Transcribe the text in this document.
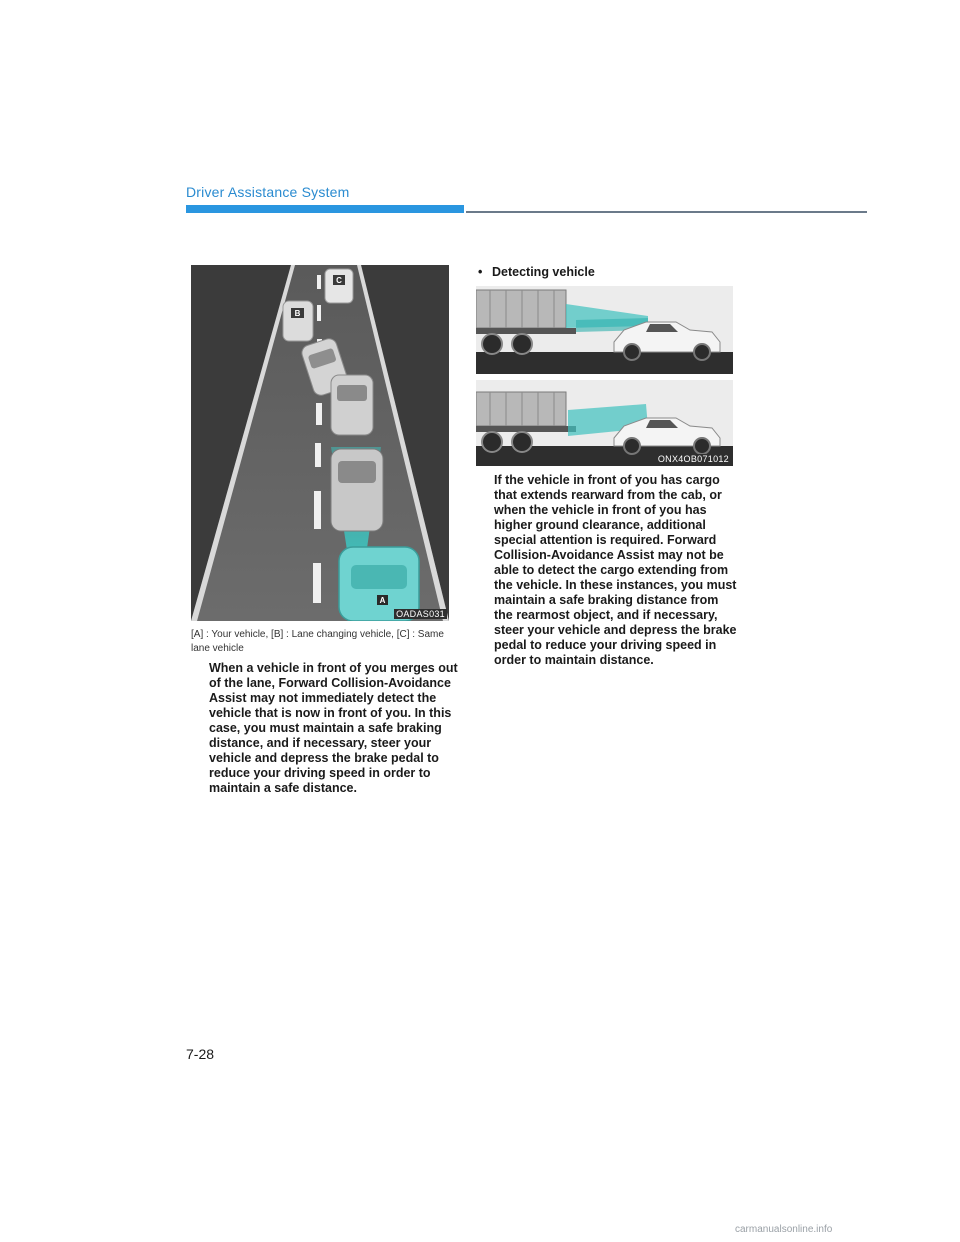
Driver Assistance System
C
B
A
OADAS031
[A] : Your vehicle, [B] : Lane changing vehicle, [C] : Same lane vehicle
When a vehicle in front of you merges out of the lane, Forward Collision-Avoidance Assist may not immediately detect the vehicle that is now in front of you. In this case, you must maintain a safe braking distance, and if necessary, steer your vehicle and depress the brake pedal to reduce your driving speed in order to maintain a safe distance.
• Detecting vehicle
ONX4OB071012
If the vehicle in front of you has cargo that extends rearward from the cab, or when the vehicle in front of you has higher ground clearance, additional special attention is required. Forward Collision-Avoidance Assist may not be able to detect the cargo extending from the vehicle. In these instances, you must maintain a safe braking distance from the rearmost object, and if necessary, steer your vehicle and depress the brake pedal to reduce your driving speed in order to maintain distance.
7-28
carmanualsonline.info
